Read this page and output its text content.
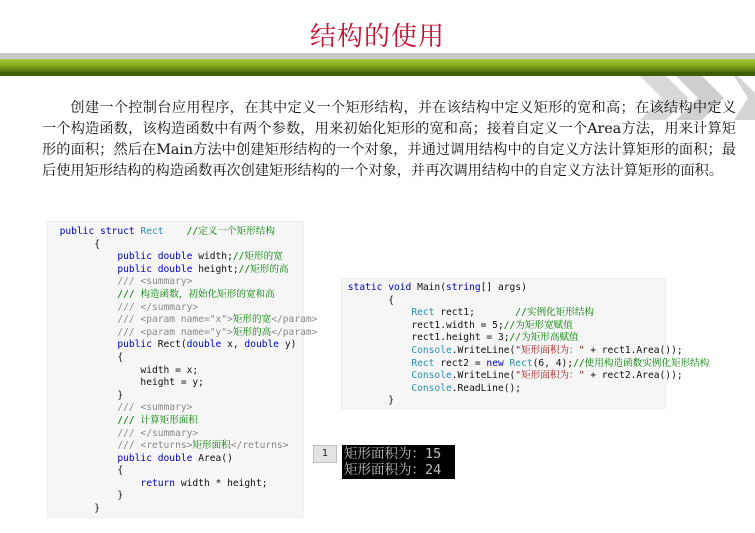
结构的使用
创建一个控制台应用程序，在其中定义一个矩形结构，并在该结构中定义矩形的宽和高；在该结构中定义一个构造函数，该构造函数中有两个参数，用来初始化矩形的宽和高；接着自定义一个Area方法，用来计算矩形的面积；然后在Main方法中创建矩形结构的一个对象，并通过调用结构中的自定义方法计算矩形的面积；最后使用矩形结构的构造函数再次创建矩形结构的一个对象，并再次调用结构中的自定义方法计算矩形的面积。
public struct Rect //定义一个矩形结构
{
public double width;//矩形的宽
public double height;//矩形的高
/// <summary>
/// 构造函数，初始化矩形的宽和高
/// </summary>
/// <param name="x">矩形的宽</param>
/// <param name="y">矩形的高</param>
public Rect(double x, double y)
{
width = x;
height = y;
}
/// <summary>
/// 计算矩形面积
/// </summary>
/// <returns>矩形面积</returns>
public double Area()
{
return width * height;
}
}
static void Main(string[] args)
{
Rect rect1;	//实例化矩形结构
rect1.width = 5;//为矩形宽赋值
rect1.height = 3;//为矩形高赋值
Console.WriteLine("矩形面积为：" + rect1.Area());
Rect rect2 = new Rect(6, 4);//使用构造函数实例化矩形结构
Console.WriteLine("矩形面积为：" + rect2.Area());
Console.ReadLine();
}
1	矩形面积为：15
矩形面积为：24
